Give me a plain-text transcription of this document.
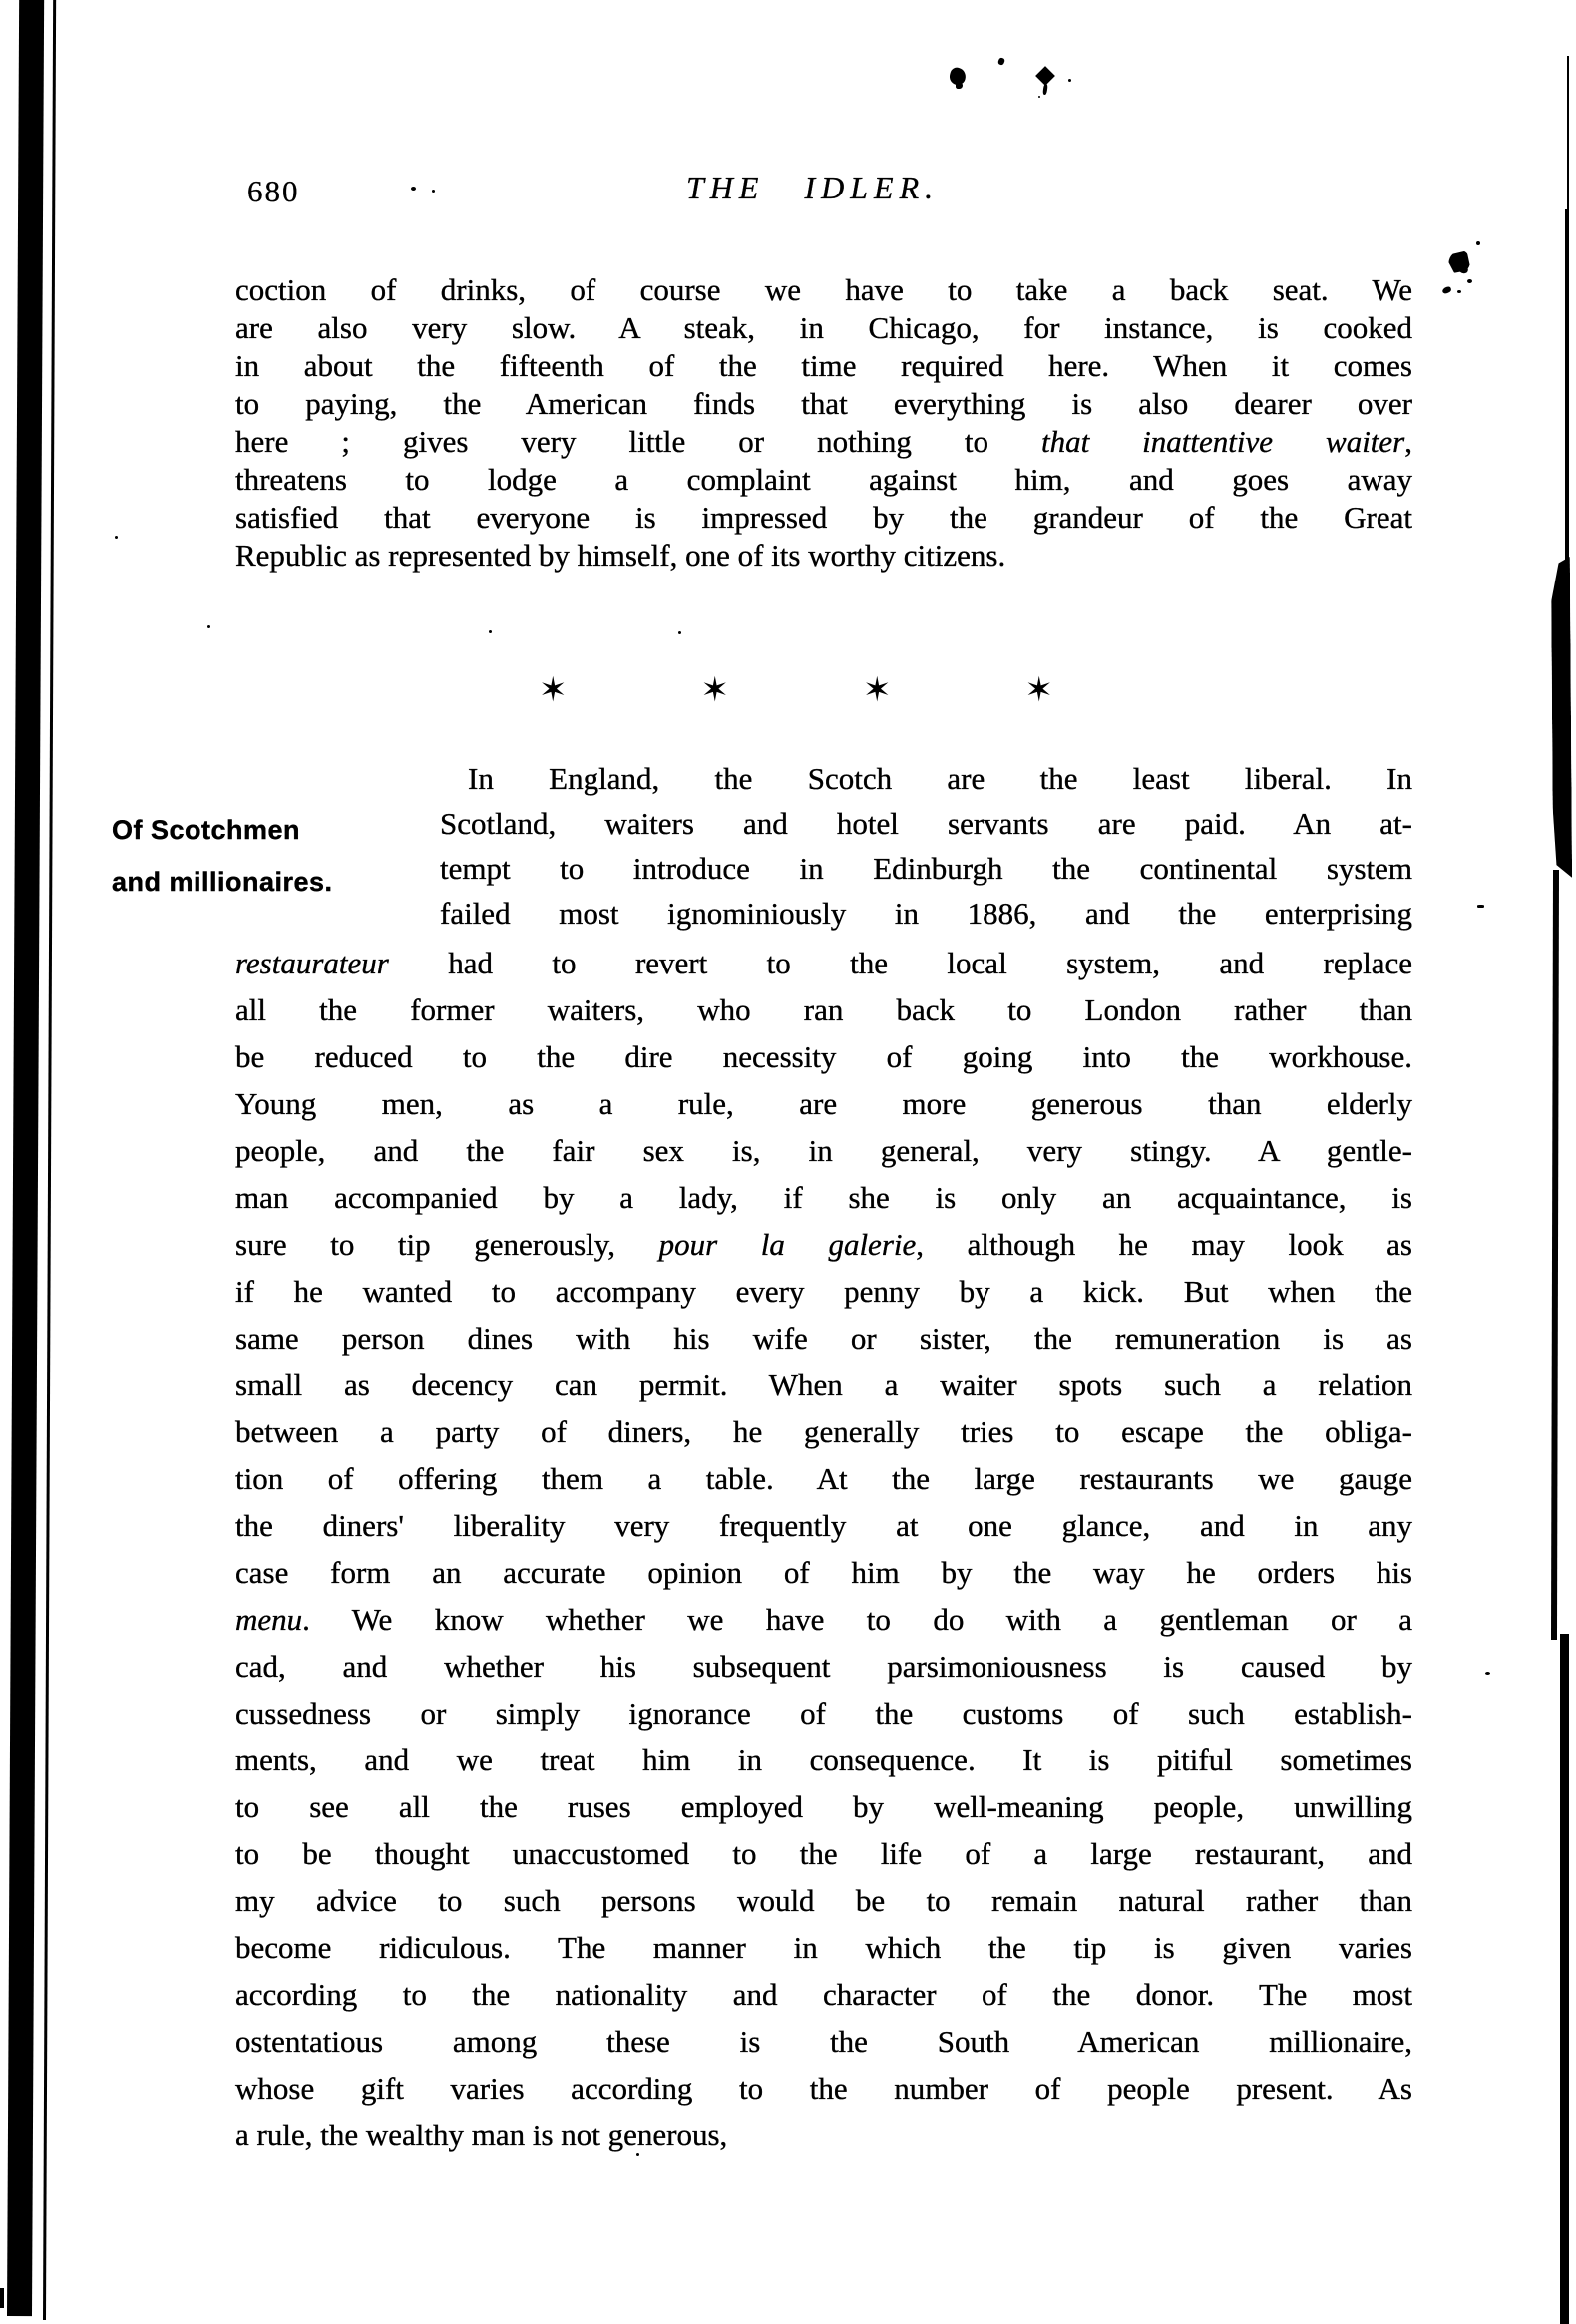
680	THE IDLER.
coction of drinks, of course we have to take a back seat. We
are also very slow. A steak, in Chicago, for instance, is cooked
in about the fifteenth of the time required here. When it comes
to paying, the American finds that everything is also dearer over
here ; gives very little or nothing to that inattentive waiter,
threatens to lodge a complaint against him, and goes away
satisfied that everyone is impressed by the grandeur of the Great
Republic as represented by himself, one of its worthy citizens.
✶	✶	✶	✶
Of Scotchmen
and millionaires.
In England, the Scotch are the least liberal. In
Scotland, waiters and hotel servants are paid. An at-
tempt to introduce in Edinburgh the continental system
failed most ignominiously in 1886, and the enterprising
restaurateur had to revert to the local system, and replace
all the former waiters, who ran back to London rather than
be reduced to the dire necessity of going into the workhouse.
Young men, as a rule, are more generous than elderly
people, and the fair sex is, in general, very stingy. A gentle-
man accompanied by a lady, if she is only an acquaintance, is
sure to tip generously, pour la galerie, although he may look as
if he wanted to accompany every penny by a kick. But when the
same person dines with his wife or sister, the remuneration is as
small as decency can permit. When a waiter spots such a relation
between a party of diners, he generally tries to escape the obliga-
tion of offering them a table. At the large restaurants we gauge
the diners' liberality very frequently at one glance, and in any
case form an accurate opinion of him by the way he orders his
menu. We know whether we have to do with a gentleman or a
cad, and whether his subsequent parsimoniousness is caused by
cussedness or simply ignorance of the customs of such establish-
ments, and we treat him in consequence. It is pitiful sometimes
to see all the ruses employed by well-meaning people, unwilling
to be thought unaccustomed to the life of a large restaurant, and
my advice to such persons would be to remain natural rather than
become ridiculous. The manner in which the tip is given varies
according to the nationality and character of the donor. The most
ostentatious among these is the South American millionaire,
whose gift varies according to the number of people present. As
a rule, the wealthy man is not generous,
